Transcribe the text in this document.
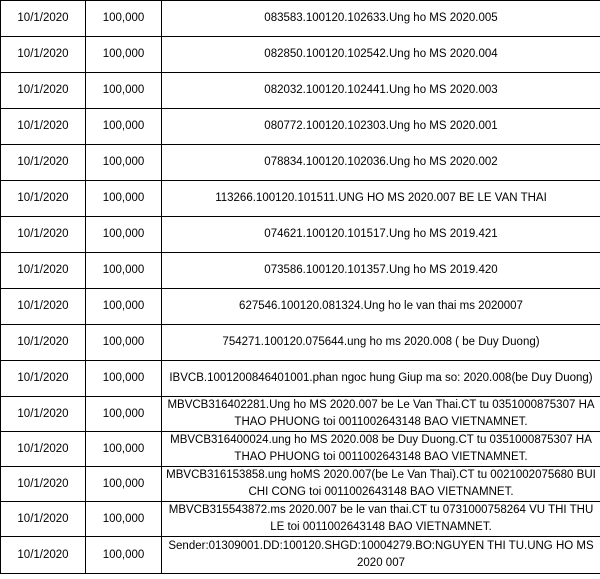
10/1/2020	100,000	083583.100120.102633.Ung ho MS 2020.005
10/1/2020	100,000	082850.100120.102542.Ung ho MS 2020.004
10/1/2020	100,000	082032.100120.102441.Ung ho MS 2020.003
10/1/2020	100,000	080772.100120.102303.Ung ho MS 2020.001
10/1/2020	100,000	078834.100120.102036.Ung ho MS 2020.002
10/1/2020	100,000	113266.100120.101511.UNG HO MS 2020.007 BE LE VAN THAI
10/1/2020	100,000	074621.100120.101517.Ung ho MS 2019.421
10/1/2020	100,000	073586.100120.101357.Ung ho MS 2019.420
10/1/2020	100,000	627546.100120.081324.Ung ho le van thai ms 2020007
10/1/2020	100,000	754271.100120.075644.ung ho ms 2020.008 ( be Duy Duong)
10/1/2020	100,000	IBVCB.1001200846401001.phan ngoc hung Giup ma so: 2020.008(be Duy Duong)
10/1/2020	100,000	MBVCB316402281.Ung ho MS 2020.007 be Le Van Thai.CT tu 0351000875307 HA THAO PHUONG toi 0011002643148 BAO VIETNAMNET.
10/1/2020	100,000	MBVCB316400024.ung ho MS 2020.008 be Duy Duong.CT tu 0351000875307 HA THAO PHUONG toi 0011002643148 BAO VIETNAMNET.
10/1/2020	100,000	MBVCB316153858.ung hoMS 2020.007(be Le Van Thai).CT tu 0021002075680 BUI CHI CONG toi 0011002643148 BAO VIETNAMNET.
10/1/2020	100,000	MBVCB315543872.ms 2020.007 be le van thai.CT tu 0731000758264 VU THI THU LE toi 0011002643148 BAO VIETNAMNET.
10/1/2020	100,000	Sender:01309001.DD:100120.SHGD:10004279.BO:NGUYEN THI TU.UNG HO MS 2020 007
